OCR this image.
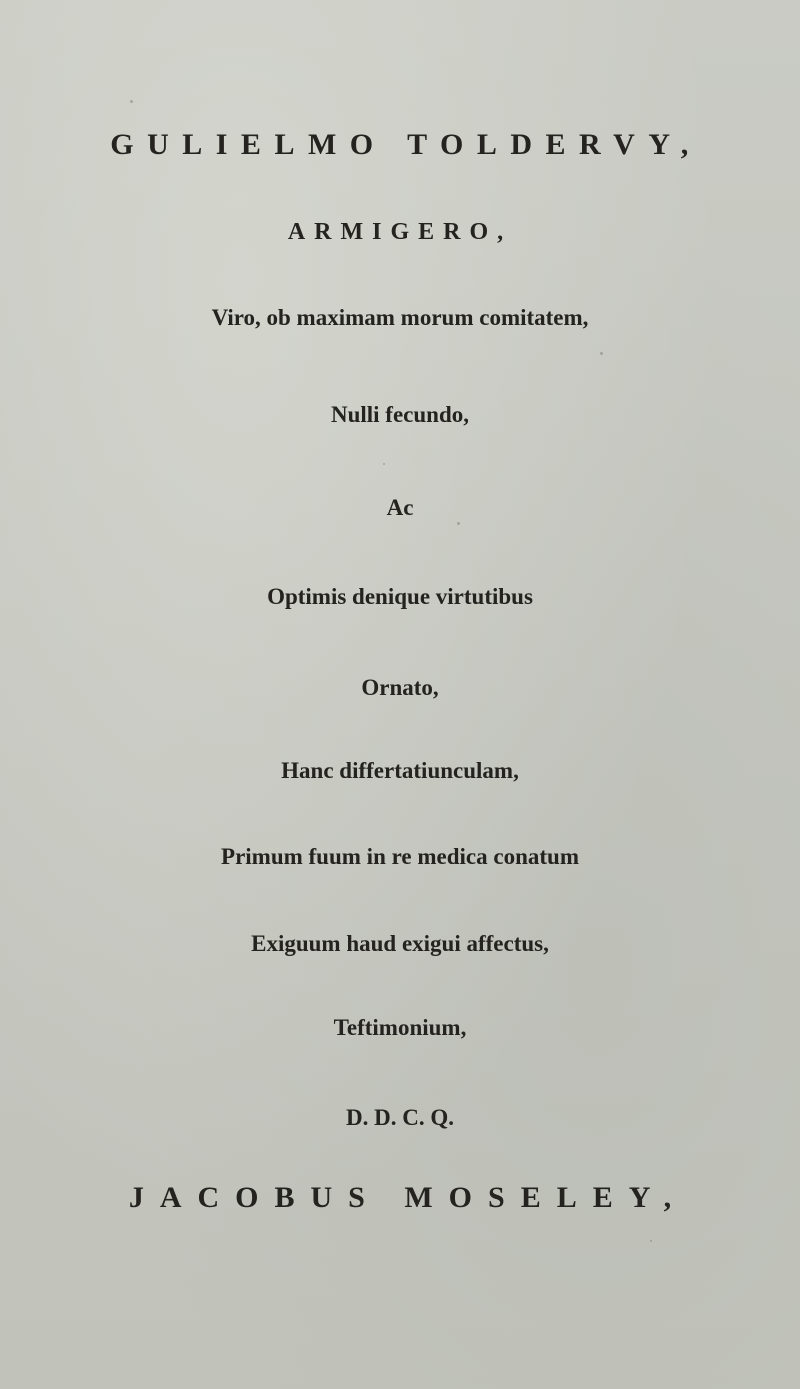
GULIELMO TOLDERVY,
ARMIGERO,
Viro, ob maximam morum comitatem,
Nulli fecundo,
Ac
Optimis denique virtutibus
Ornato,
Hanc differtatiunculam,
Primum fuum in re medica conatum
Exiguum haud exigui affectus,
Teftimonium,
D. D. C. Q.
JACOBUS MOSELEY,
